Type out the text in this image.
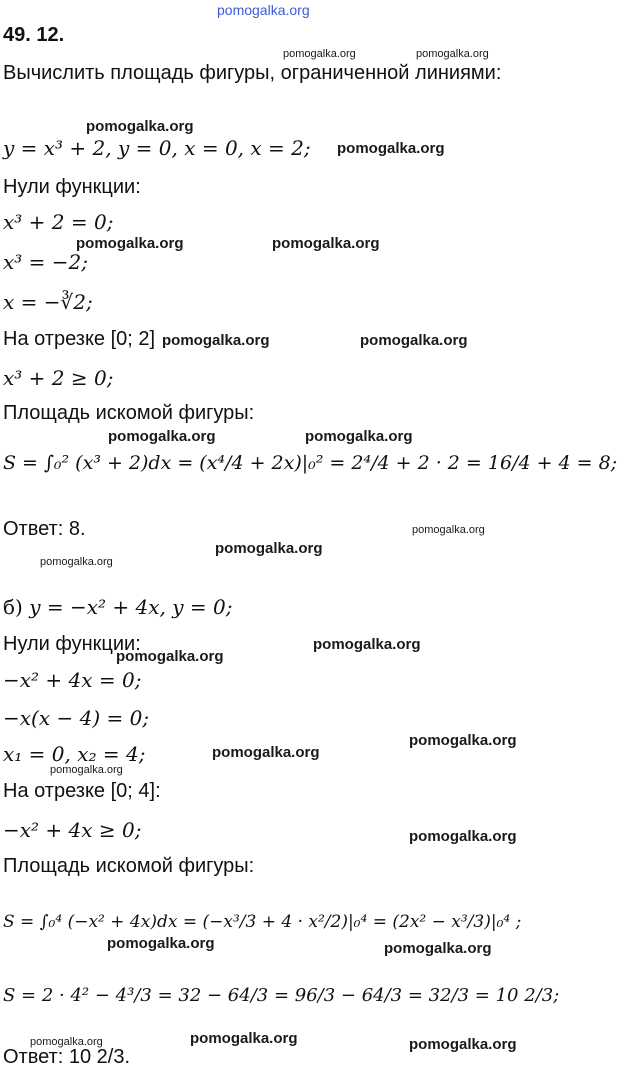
pomogalka.org
49. 12.
pomogalka.org	pomogalka.org
Вычислить площадь фигуры, ограниченной линиями:
pomogalka.org
y = x³ + 2, y = 0, x = 0, x = 2; pomogalka.org
Нули функции:
x³ + 2 = 0;
pomogalka.org	pomogalka.org
x³ = −2;
x = −∛2;
На отрезке [0; 2] pomogalka.org	pomogalka.org
x³ + 2 ≥ 0;
Площадь искомой фигуры:
pomogalka.org	pomogalka.org
S = ∫₀² (x³ + 2)dx = (x⁴/4 + 2x)|₀² = 2⁴/4 + 2 · 2 = 16/4 + 4 = 8;
Ответ: 8.	pomogalka.org
pomogalka.org
pomogalka.org
б) y = −x² + 4x, y = 0;
Нули функции:	pomogalka.org
pomogalka.org
−x² + 4x = 0;
−x(x − 4) = 0;
pomogalka.org
x₁ = 0, x₂ = 4;	pomogalka.org
pomogalka.org
На отрезке [0; 4]:
−x² + 4x ≥ 0;	pomogalka.org
Площадь искомой фигуры:
S = ∫₀⁴ (−x² + 4x)dx = (−x³/3 + 4 · x²/2)|₀⁴ = (2x² − x³/3)|₀⁴ ;
pomogalka.org	pomogalka.org
S = 2 · 4² − 4³/3 = 32 − 64/3 = 96/3 − 64/3 = 32/3 = 10 2/3;
pomogalka.org	pomogalka.org	pomogalka.org
Ответ: 10 2/3.
